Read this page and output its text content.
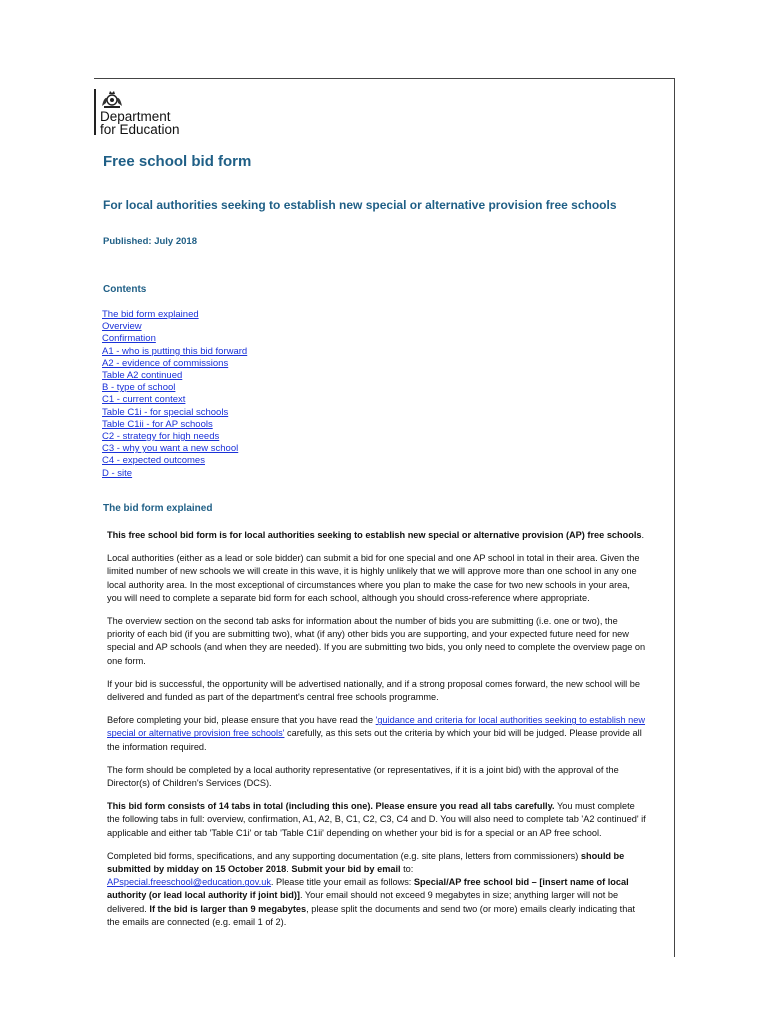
Department
for Education
Free school bid form
For local authorities seeking to establish new special or alternative provision free schools

Published: July 2018

Contents
The bid form explained
Overview
Confirmation
A1 - who is putting this bid forward
A2 - evidence of commissions
Table A2 continued
B - type of school
C1 - current context
Table C1i - for special schools
Table C1ii - for AP schools
C2 - strategy for high needs
C3 - why you want a new school
C4 - expected outcomes
D - site
The bid form explained

This free school bid form is for local authorities seeking to establish new special or alternative provision (AP) free schools.

Local authorities (either as a lead or sole bidder) can submit a bid for one special and one AP school in total in their area. Given the limited number of new schools we will create in this wave, it is highly unlikely that we will approve more than one school in any one local authority area. In the most exceptional of circumstances where you plan to make the case for two new schools in your area, you will need to complete a separate bid form for each school, although you should cross-reference where appropriate.

The overview section on the second tab asks for information about the number of bids you are submitting (i.e. one or two), the priority of each bid (if you are submitting two), what (if any) other bids you are supporting, and your expected future need for new special and AP schools (and when they are needed). If you are submitting two bids, you only need to complete the overview page on one form.

If your bid is successful, the opportunity will be advertised nationally, and if a strong proposal comes forward, the new school will be delivered and funded as part of the department's central free schools programme.

Before completing your bid, please ensure that you have read the 'guidance and criteria for local authorities seeking to establish new special or alternative provision free schools' carefully, as this sets out the criteria by which your bid will be judged. Please provide all the information required.

The form should be completed by a local authority representative (or representatives, if it is a joint bid) with the approval of the Director(s) of Children's Services (DCS).

This bid form consists of 14 tabs in total (including this one). Please ensure you read all tabs carefully. You must complete the following tabs in full: overview, confirmation, A1, A2, B, C1, C2, C3, C4 and D. You will also need to complete tab 'A2 continued' if applicable and either tab 'Table C1i' or tab 'Table C1ii' depending on whether your bid is for a special or an AP free school.

Completed bid forms, specifications, and any supporting documentation (e.g. site plans, letters from commissioners) should be submitted by midday on 15 October 2018. Submit your bid by email to:
APspecial.freeschool@education.gov.uk. Please title your email as follows: Special/AP free school bid – [insert name of local authority (or lead local authority if joint bid)]. Your email should not exceed 9 megabytes in size; anything larger will not be delivered. If the bid is larger than 9 megabytes, please split the documents and send two (or more) emails clearly indicating that the emails are connected (e.g. email 1 of 2).
